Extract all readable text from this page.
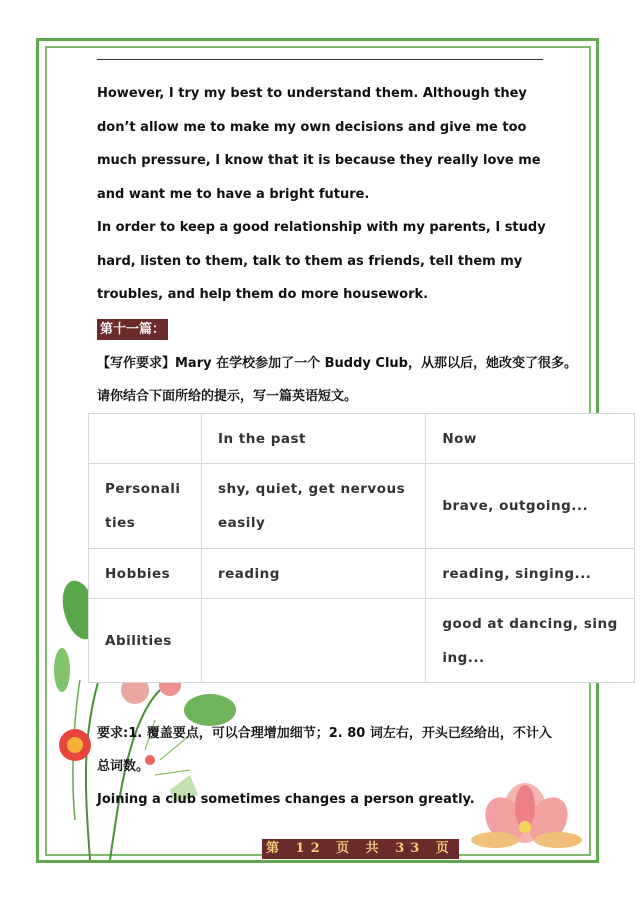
However, I try my best to understand them. Although they don’t allow me to make my own decisions and give me too much pressure, I know that it is because they really love me and want me to have a bright future.

In order to keep a good relationship with my parents, I study hard, listen to them, talk to them as friends, tell them my troubles, and help them do more housework.

第十一篇：

【写作要求】Mary 在学校参加了一个 Buddy Club，从那以后，她改变了很多。

请你结合下面所给的提示，写一篇英语短文。

	In the past	Now
Personalities	shy, quiet, get nervous easily	brave, outgoing...
Hobbies	reading	reading, singing...
Abilities		good at dancing, singing...

要求:1. 覆盖要点，可以合理增加细节；2. 80 词左右，开头已经给出，不计入

总词数。

Joining a club sometimes changes a person greatly.

第 12 页 共 33 页
